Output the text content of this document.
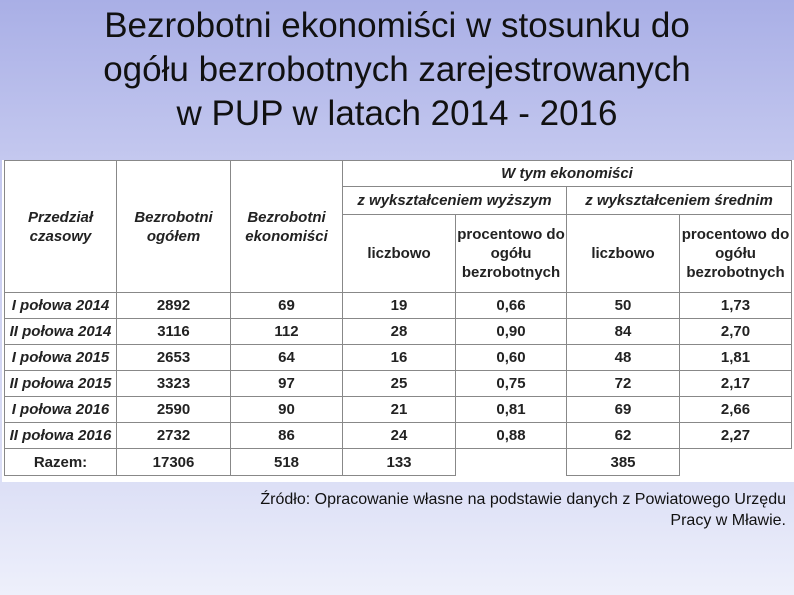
Bezrobotni ekonomiści w stosunku do
ogółu bezrobotnych zarejestrowanych
w PUP w latach 2014 - 2016
Przedział czasowy	Bezrobotni ogółem	Bezrobotni ekonomiści	W tym ekonomiści			
			z wykształceniem wyższym		z wykształceniem średnim	
			liczbowo	procentowo do ogółu bezrobotnych	liczbowo	procentowo do ogółu bezrobotnych
I połowa 2014	2892	69	19	0,66	50	1,73
II połowa 2014	3116	112	28	0,90	84	2,70
I połowa 2015	2653	64	16	0,60	48	1,81
II połowa 2015	3323	97	25	0,75	72	2,17
I połowa 2016	2590	90	21	0,81	69	2,66
II połowa 2016	2732	86	24	0,88	62	2,27
Razem:	17306	518	133		385	
Źródło: Opracowanie własne na podstawie danych z Powiatowego Urzędu
Pracy w Mławie.
